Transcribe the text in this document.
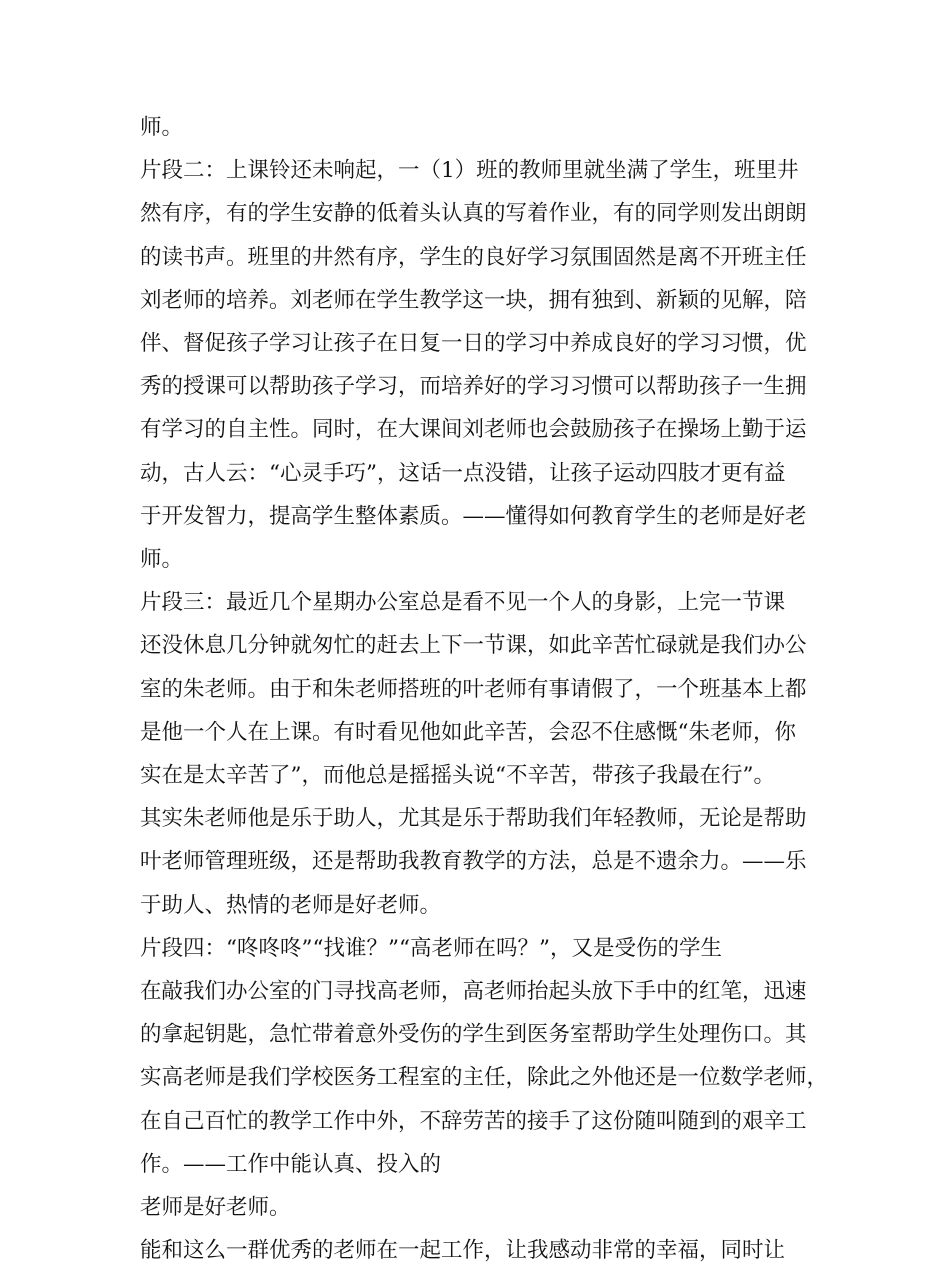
师。
片段二：上课铃还未响起，一（1）班的教师里就坐满了学生，班里井
然有序，有的学生安静的低着头认真的写着作业，有的同学则发出朗朗
的读书声。班里的井然有序，学生的良好学习氛围固然是离不开班主任
刘老师的培养。刘老师在学生教学这一块，拥有独到、新颖的见解，陪
伴、督促孩子学习让孩子在日复一日的学习中养成良好的学习习惯，优
秀的授课可以帮助孩子学习，而培养好的学习习惯可以帮助孩子一生拥
有学习的自主性。同时，在大课间刘老师也会鼓励孩子在操场上勤于运
动，古人云：“心灵手巧”，这话一点没错，让孩子运动四肢才更有益
于开发智力，提高学生整体素质。——懂得如何教育学生的老师是好老
师。
片段三：最近几个星期办公室总是看不见一个人的身影，上完一节课
还没休息几分钟就匆忙的赶去上下一节课，如此辛苦忙碌就是我们办公
室的朱老师。由于和朱老师搭班的叶老师有事请假了，一个班基本上都
是他一个人在上课。有时看见他如此辛苦，会忍不住感慨“朱老师，你
实在是太辛苦了”，而他总是摇摇头说“不辛苦，带孩子我最在行”。
其实朱老师他是乐于助人，尤其是乐于帮助我们年轻教师，无论是帮助
叶老师管理班级，还是帮助我教育教学的方法，总是不遗余力。——乐
于助人、热情的老师是好老师。
片段四：“咚咚咚”“找谁？”“高老师在吗？”，又是受伤的学生
在敲我们办公室的门寻找高老师，高老师抬起头放下手中的红笔，迅速
的拿起钥匙，急忙带着意外受伤的学生到医务室帮助学生处理伤口。其
实高老师是我们学校医务工程室的主任，除此之外他还是一位数学老师，
在自己百忙的教学工作中外，不辞劳苦的接手了这份随叫随到的艰辛工
作。——工作中能认真、投入的
老师是好老师。
能和这么一群优秀的老师在一起工作，让我感动非常的幸福，同时让
